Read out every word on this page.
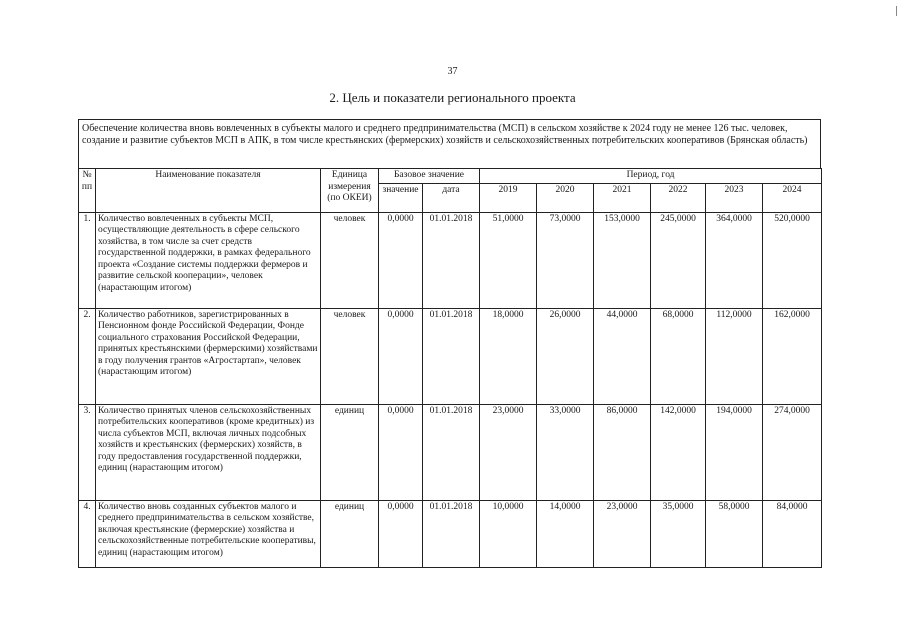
37
2. Цель и показатели регионального проекта
Обеспечение количества вновь вовлеченных в субъекты малого и среднего предпринимательства (МСП) в сельском хозяйстве к 2024 году не менее 126 тыс. человек, создание и развитие субъектов МСП в АПК, в том числе крестьянских (фермерских) хозяйств и сельскохозяйственных потребительских кооперативов (Брянская область)
№ пп	Наименование показателя	Единица измерения (по ОКЕИ)	Базовое значение		Период, год					
			значение	дата	2019	2020	2021	2022	2023	2024
1.	Количество вовлеченных в субъекты МСП, осуществляющие деятельность в сфере сельского хозяйства, в том числе за счет средств государственной поддержки, в рамках федерального проекта «Создание системы поддержки фермеров и развитие сельской кооперации», человек (нарастающим итогом)	человек	0,0000	01.01.2018	51,0000	73,0000	153,0000	245,0000	364,0000	520,0000
2.	Количество работников, зарегистрированных в Пенсионном фонде Российской Федерации, Фонде социального страхования Российской Федерации, принятых крестьянскими (фермерскими) хозяйствами в году получения грантов «Агростартап», человек (нарастающим итогом)	человек	0,0000	01.01.2018	18,0000	26,0000	44,0000	68,0000	112,0000	162,0000
3.	Количество принятых членов сельскохозяйственных потребительских кооперативов (кроме кредитных) из числа субъектов МСП, включая личных подсобных хозяйств и крестьянских (фермерских) хозяйств, в году предоставления государственной поддержки, единиц (нарастающим итогом)	единиц	0,0000	01.01.2018	23,0000	33,0000	86,0000	142,0000	194,0000	274,0000
4.	Количество вновь созданных субъектов малого и среднего предпринимательства в сельском хозяйстве, включая крестьянские (фермерские) хозяйства и сельскохозяйственные потребительские кооперативы, единиц (нарастающим итогом)	единиц	0,0000	01.01.2018	10,0000	14,0000	23,0000	35,0000	58,0000	84,0000
